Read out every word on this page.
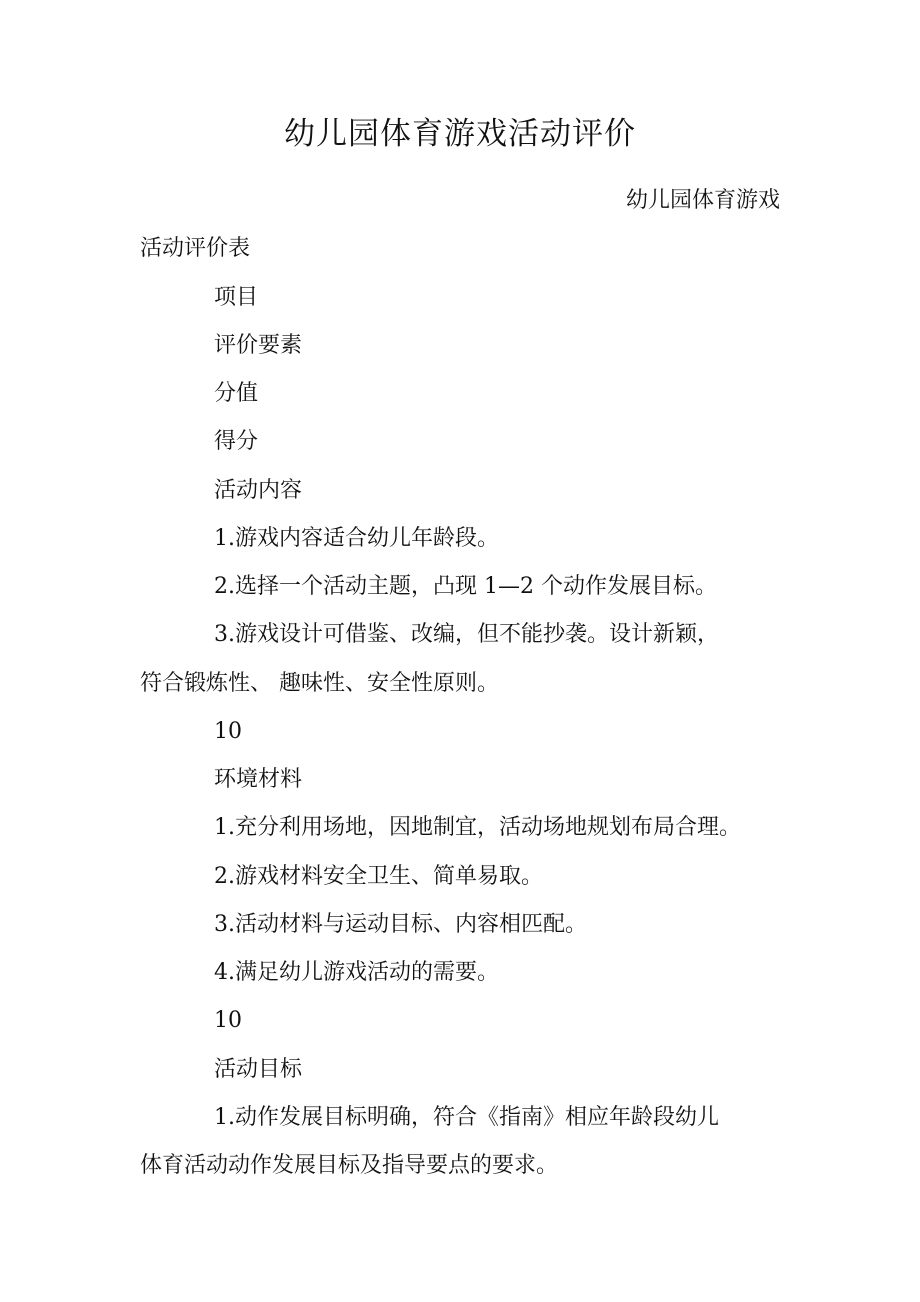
幼儿园体育游戏活动评价

幼儿园体育游戏

活动评价表

项目

评价要素

分值

得分

活动内容

1.游戏内容适合幼儿年龄段。

2.选择一个活动主题，凸现 1—2 个动作发展目标。

3.游戏设计可借鉴、改编，但不能抄袭。设计新颖，

符合锻炼性、 趣味性、安全性原则。

10

环境材料

1.充分利用场地，因地制宜，活动场地规划布局合理。

2.游戏材料安全卫生、简单易取。

3.活动材料与运动目标、内容相匹配。

4.满足幼儿游戏活动的需要。

10

活动目标

1.动作发展目标明确，符合《指南》相应年龄段幼儿

体育活动动作发展目标及指导要点的要求。
